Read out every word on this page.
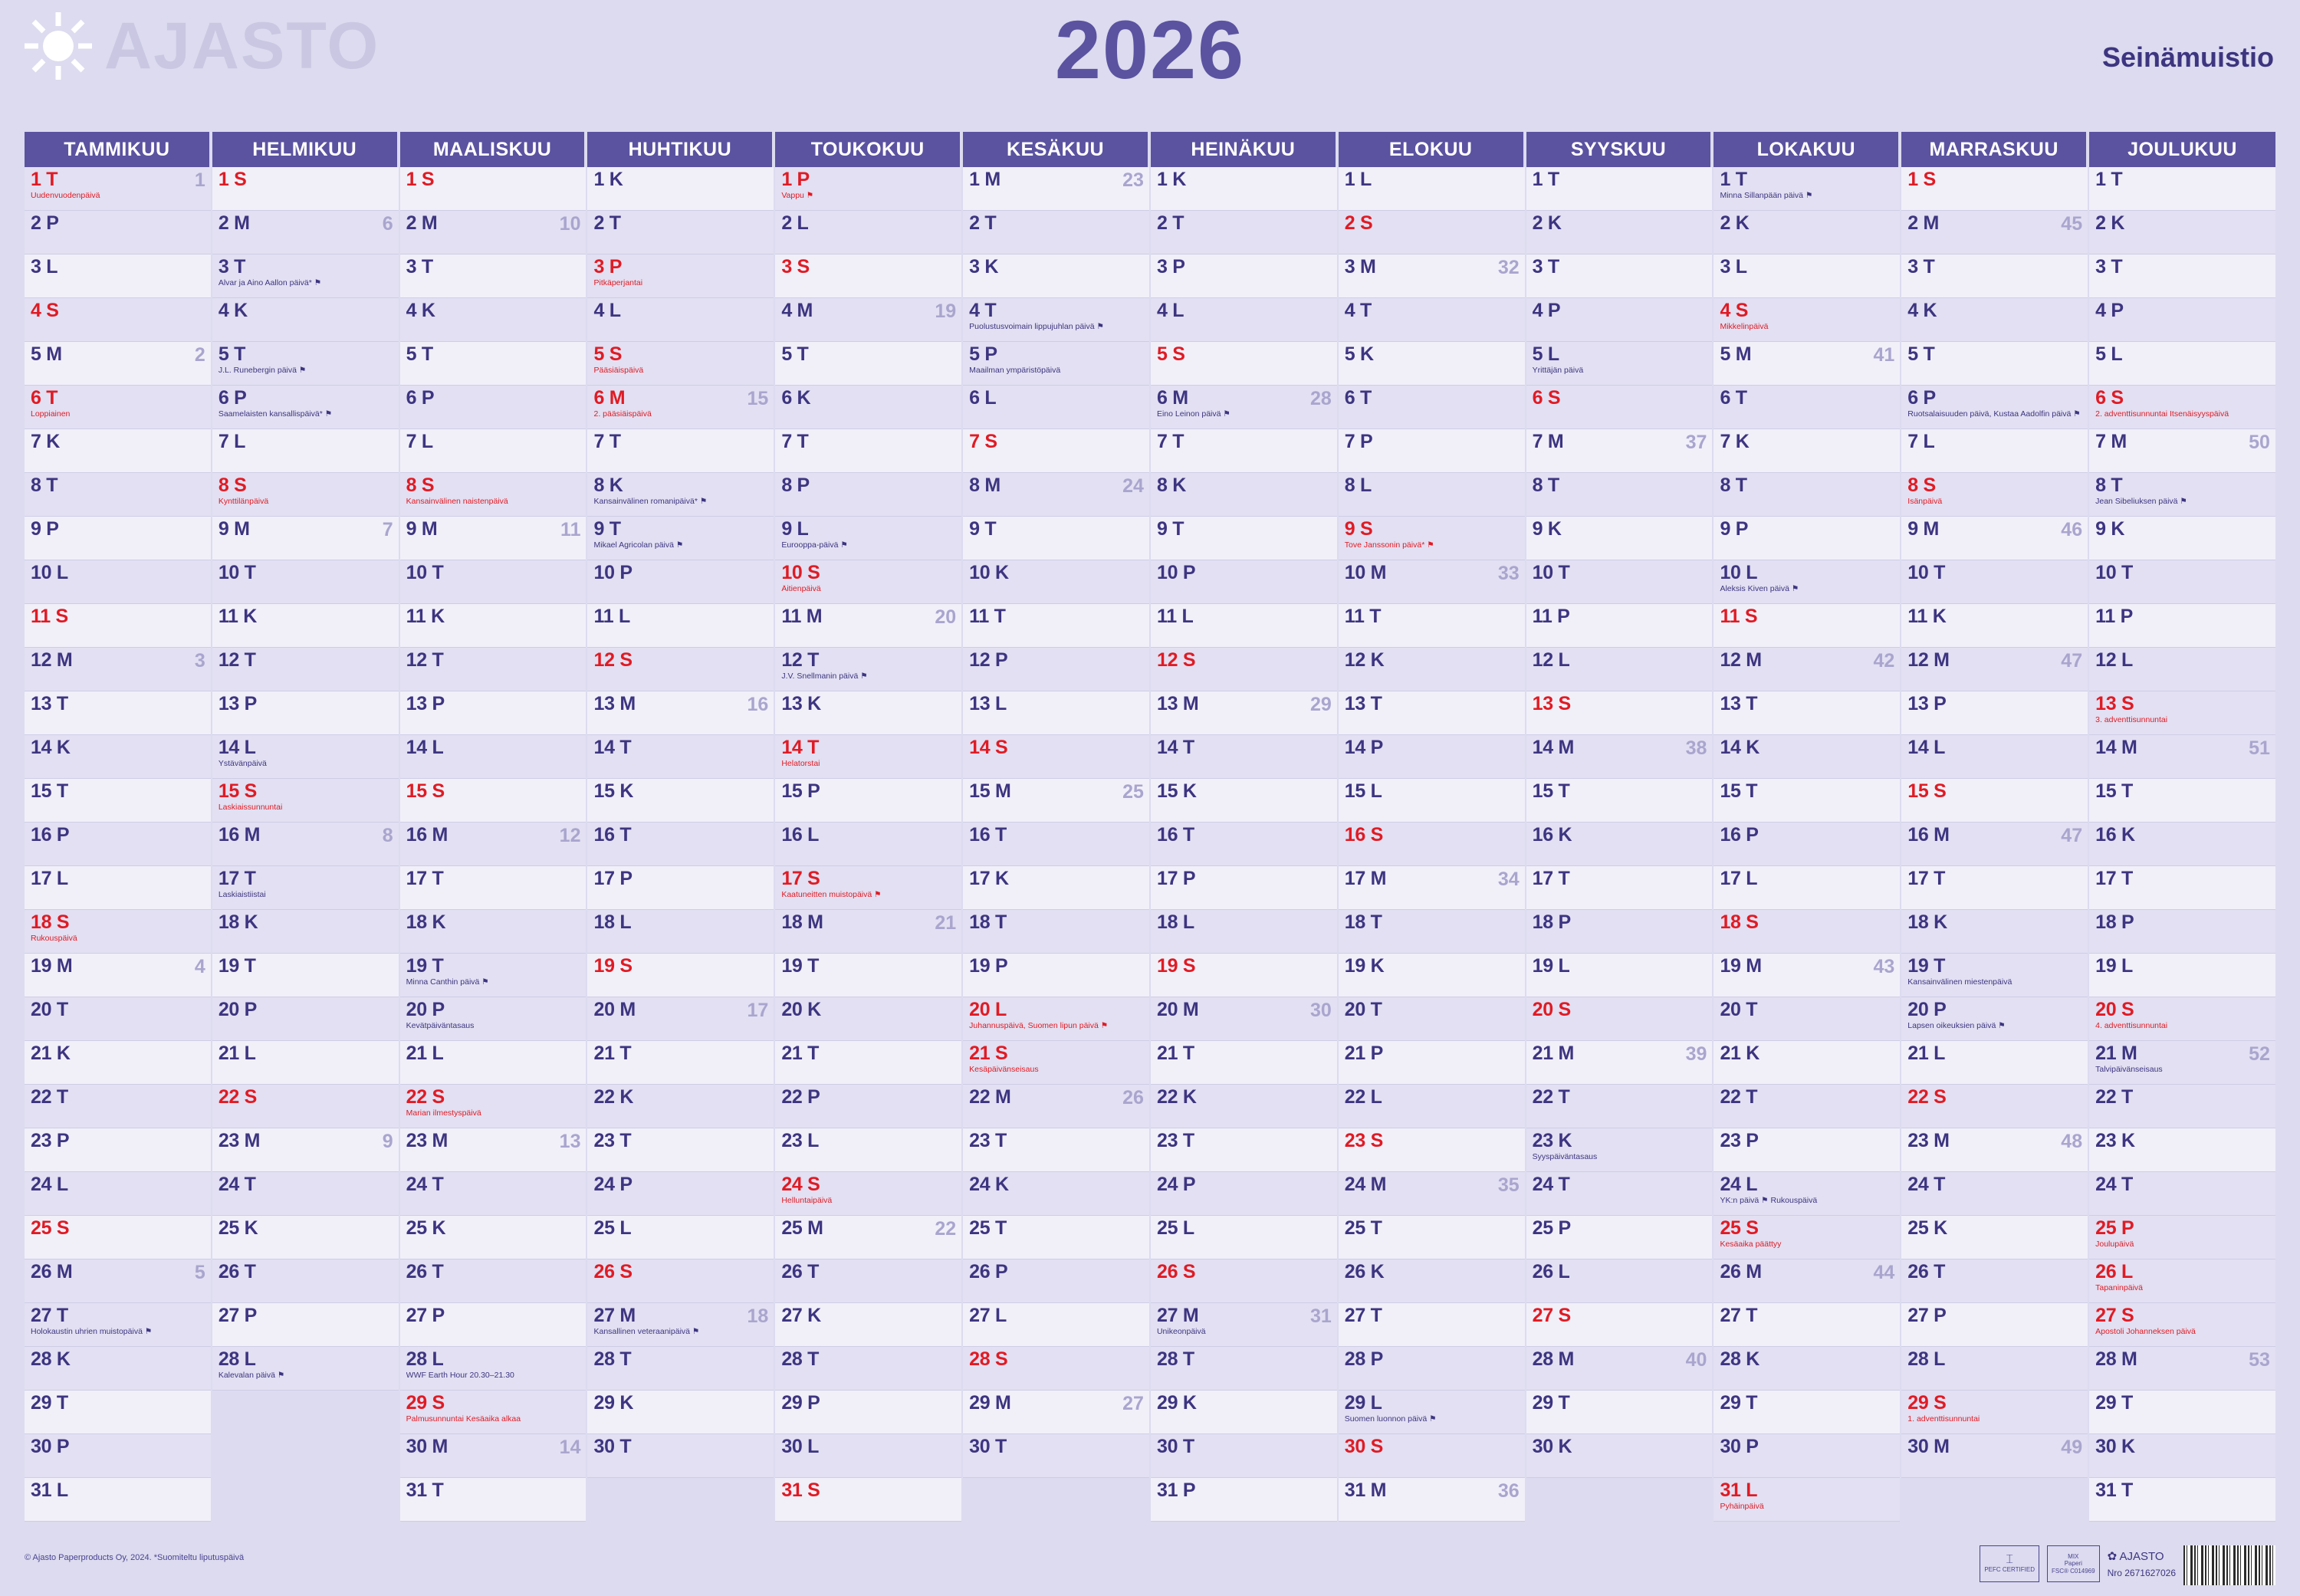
AJASTO	2026	Seinämuistio
TAMMIKUU
1 T
Uudenvuodenpäivä
1
2 P
3 L
4 S
5 M	2
6 T
Loppiainen
7 K
8 T
9 P
10 L
11 S
12 M	3
13 T
14 K
15 T
16 P
17 L
18 S
Rukouspäivä
19 M	4
20 T
21 K
22 T
23 P
24 L
25 S
26 M	5
27 T
Holokaustin uhrien muistopäivä ⚑
28 K
29 T
30 P
31 L
HELMIKUU
1 S
2 M	6
3 T
Alvar ja Aino Aallon päivä* ⚑
4 K
5 T
J.L. Runebergin päivä ⚑
6 P
Saamelaisten kansallispäivä* ⚑
7 L
8 S
Kynttilänpäivä
9 M	7
10 T
11 K
12 T
13 P
14 L
Ystävänpäivä
15 S
Laskiaissunnuntai
16 M	8
17 T
Laskiaistiistai
18 K
19 T
20 P
21 L
22 S
23 M	9
24 T
25 K
26 T
27 P
28 L
Kalevalan päivä ⚑
MAALISKUU
1 S
2 M	10
3 T
4 K
5 T
6 P
7 L
8 S
Kansainvälinen naistenpäivä
9 M	11
10 T
11 K
12 T
13 P
14 L
15 S
16 M	12
17 T
18 K
19 T
Minna Canthin päivä ⚑
20 P
Kevätpäiväntasaus
21 L
22 S
Marian ilmestyspäivä
23 M	13
24 T
25 K
26 T
27 P
28 L
WWF Earth Hour 20.30–21.30
29 S
Palmusunnuntai Kesäaika alkaa
30 M	14
31 T
HUHTIKUU
1 K
2 T
3 P
Pitkäperjantai
4 L
5 S
Pääsiäispäivä
6 M
2. pääsiäispäivä
15
7 T
8 K
Kansainvälinen romanipäivä* ⚑
9 T
Mikael Agricolan päivä ⚑
10 P
11 L
12 S
13 M	16
14 T
15 K
16 T
17 P
18 L
19 S
20 M	17
21 T
22 K
23 T
24 P
25 L
26 S
27 M
Kansallinen veteraanipäivä ⚑
18
28 T
29 K
30 T
TOUKOKUU
1 P
Vappu ⚑
2 L
3 S
4 M	19
5 T
6 K
7 T
8 P
9 L
Eurooppa-päivä ⚑
10 S
Äitienpäivä
11 M	20
12 T
J.V. Snellmanin päivä ⚑
13 K
14 T
Helatorstai
15 P
16 L
17 S
Kaatuneitten muistopäivä ⚑
18 M	21
19 T
20 K
21 T
22 P
23 L
24 S
Helluntaipäivä
25 M	22
26 T
27 K
28 T
29 P
30 L
31 S
KESÄKUU
1 M	23
2 T
3 K
4 T
Puolustusvoimain lippujuhlan päivä ⚑
5 P
Maailman ympäristöpäivä
6 L
7 S
8 M	24
9 T
10 K
11 T
12 P
13 L
14 S
15 M	25
16 T
17 K
18 T
19 P
20 L
Juhannuspäivä, Suomen lipun päivä ⚑
21 S
Kesäpäivänseisaus
22 M	26
23 T
24 K
25 T
26 P
27 L
28 S
29 M	27
30 T
HEINÄKUU
1 K
2 T
3 P
4 L
5 S
6 M
Eino Leinon päivä ⚑
28
7 T
8 K
9 T
10 P
11 L
12 S
13 M	29
14 T
15 K
16 T
17 P
18 L
19 S
20 M	30
21 T
22 K
23 T
24 P
25 L
26 S
27 M
Unikeonpäivä
31
28 T
29 K
30 T
31 P
ELOKUU
1 L
2 S
3 M	32
4 T
5 K
6 T
7 P
8 L
9 S
Tove Janssonin päivä* ⚑
10 M	33
11 T
12 K
13 T
14 P
15 L
16 S
17 M	34
18 T
19 K
20 T
21 P
22 L
23 S
24 M	35
25 T
26 K
27 T
28 P
29 L
Suomen luonnon päivä ⚑
30 S
31 M	36
SYYSKUU
1 T
2 K
3 T
4 P
5 L
Yrittäjän päivä
6 S
7 M	37
8 T
9 K
10 T
11 P
12 L
13 S
14 M	38
15 T
16 K
17 T
18 P
19 L
20 S
21 M	39
22 T
23 K
Syyspäiväntasaus
24 T
25 P
26 L
27 S
28 M	40
29 T
30 K
LOKAKUU
1 T
Minna Sillanpään päivä ⚑
2 K
3 L
4 S
Mikkelinpäivä
5 M	41
6 T
7 K
8 T
9 P
10 L
Aleksis Kiven päivä ⚑
11 S
12 M	42
13 T
14 K
15 T
16 P
17 L
18 S
19 M	43
20 T
21 K
22 T
23 P
24 L
YK:n päivä ⚑ Rukouspäivä
25 S
Kesäaika päättyy
26 M	44
27 T
28 K
29 T
30 P
31 L
Pyhäinpäivä
MARRASKUU
1 S
2 M	45
3 T
4 K
5 T
6 P
Ruotsalaisuuden päivä, Kustaa Aadolfin päivä ⚑
7 L
8 S
Isänpäivä
9 M	46
10 T
11 K
12 M	47
13 P
14 L
15 S
16 M	47
17 T
18 K
19 T
Kansainvälinen miestenpäivä
20 P
Lapsen oikeuksien päivä ⚑
21 L
22 S
23 M	48
24 T
25 K
26 T
27 P
28 L
29 S
1. adventtisunnuntai
30 M	49
JOULUKUU
1 T
2 K
3 T
4 P
5 L
6 S
2. adventtisunnuntai Itsenäisyyspäivä
7 M	50
8 T
Jean Sibeliuksen päivä ⚑
9 K
10 T
11 P
12 L
13 S
3. adventtisunnuntai
14 M	51
15 T
16 K
17 T
18 P
19 L
20 S
4. adventtisunnuntai
21 M
Talvipäivänseisaus
52
22 T
23 K
24 T
25 P
Joulupäivä
26 L
Tapaninpäivä
27 S
Apostoli Johanneksen päivä
28 M	53
29 T
30 K
31 T
© Ajasto Paperproducts Oy, 2024. *Suomiteltu liputuspäivä	⌶
PEFC CERTIFIED
MIX
Paperi
FSC® C014969
✿ AJASTO
Nro 2671627026
